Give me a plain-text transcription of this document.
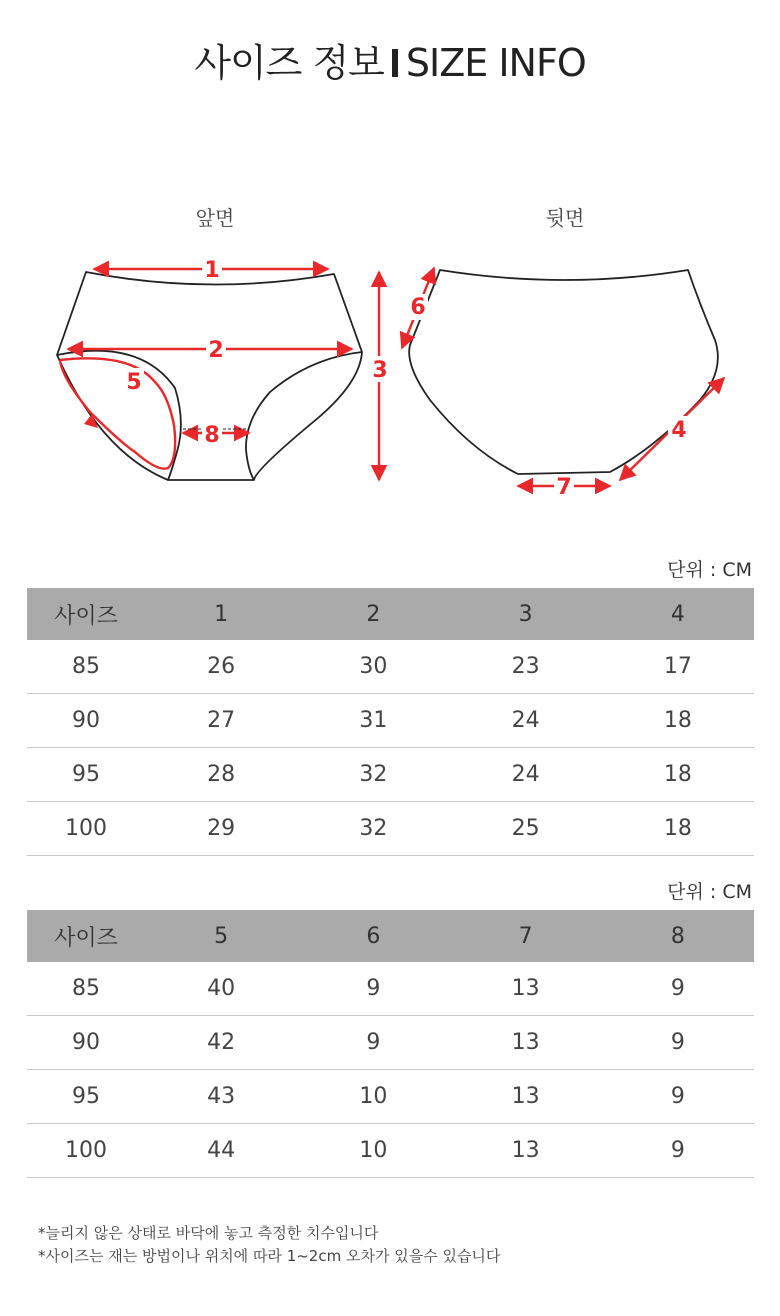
사이즈 정보 SIZE INFO
앞면	뒷면
1
2
3
4
5
6
7
8
단위 : CM
사이즈	1	2	3	4
85	26	30	23	17
90	27	31	24	18
95	28	32	24	18
100	29	32	25	18
단위 : CM
사이즈	5	6	7	8
85	40	9	13	9
90	42	9	13	9
95	43	10	13	9
100	44	10	13	9
*늘리지 않은 상태로 바닥에 놓고 측정한 치수입니다
*사이즈는 재는 방법이나 위치에 따라 1~2cm 오차가 있을수 있습니다
